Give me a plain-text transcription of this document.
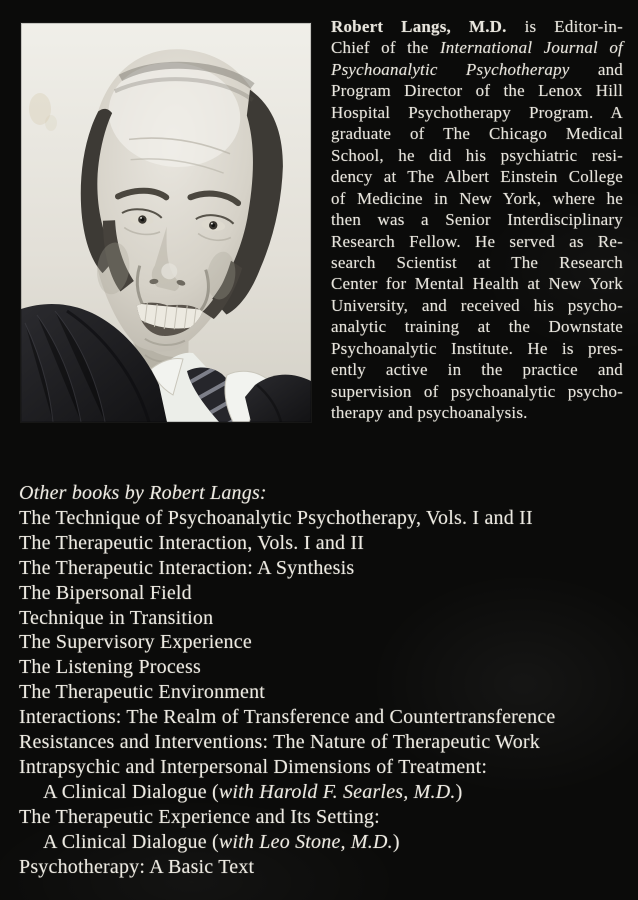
Robert Langs, M.D. is Editor-in-
Chief of the International Journal of
Psychoanalytic Psychotherapy and
Program Director of the Lenox Hill
Hospital Psychotherapy Program. A
graduate of The Chicago Medical
School, he did his psychiatric resi-
dency at The Albert Einstein College
of Medicine in New York, where he
then was a Senior Interdisciplinary
Research Fellow. He served as Re-
search Scientist at The Research
Center for Mental Health at New York
University, and received his psycho-
analytic training at the Downstate
Psychoanalytic Institute. He is pres-
ently active in the practice and
supervision of psychoanalytic psycho-
therapy and psychoanalysis.
Other books by Robert Langs:
The Technique of Psychoanalytic Psychotherapy, Vols. I and II
The Therapeutic Interaction, Vols. I and II
The Therapeutic Interaction: A Synthesis
The Bipersonal Field
Technique in Transition
The Supervisory Experience
The Listening Process
The Therapeutic Environment
Interactions: The Realm of Transference and Countertransference
Resistances and Interventions: The Nature of Therapeutic Work
Intrapsychic and Interpersonal Dimensions of Treatment:
A Clinical Dialogue (with Harold F. Searles, M.D.)
The Therapeutic Experience and Its Setting:
A Clinical Dialogue (with Leo Stone, M.D.)
Psychotherapy: A Basic Text
